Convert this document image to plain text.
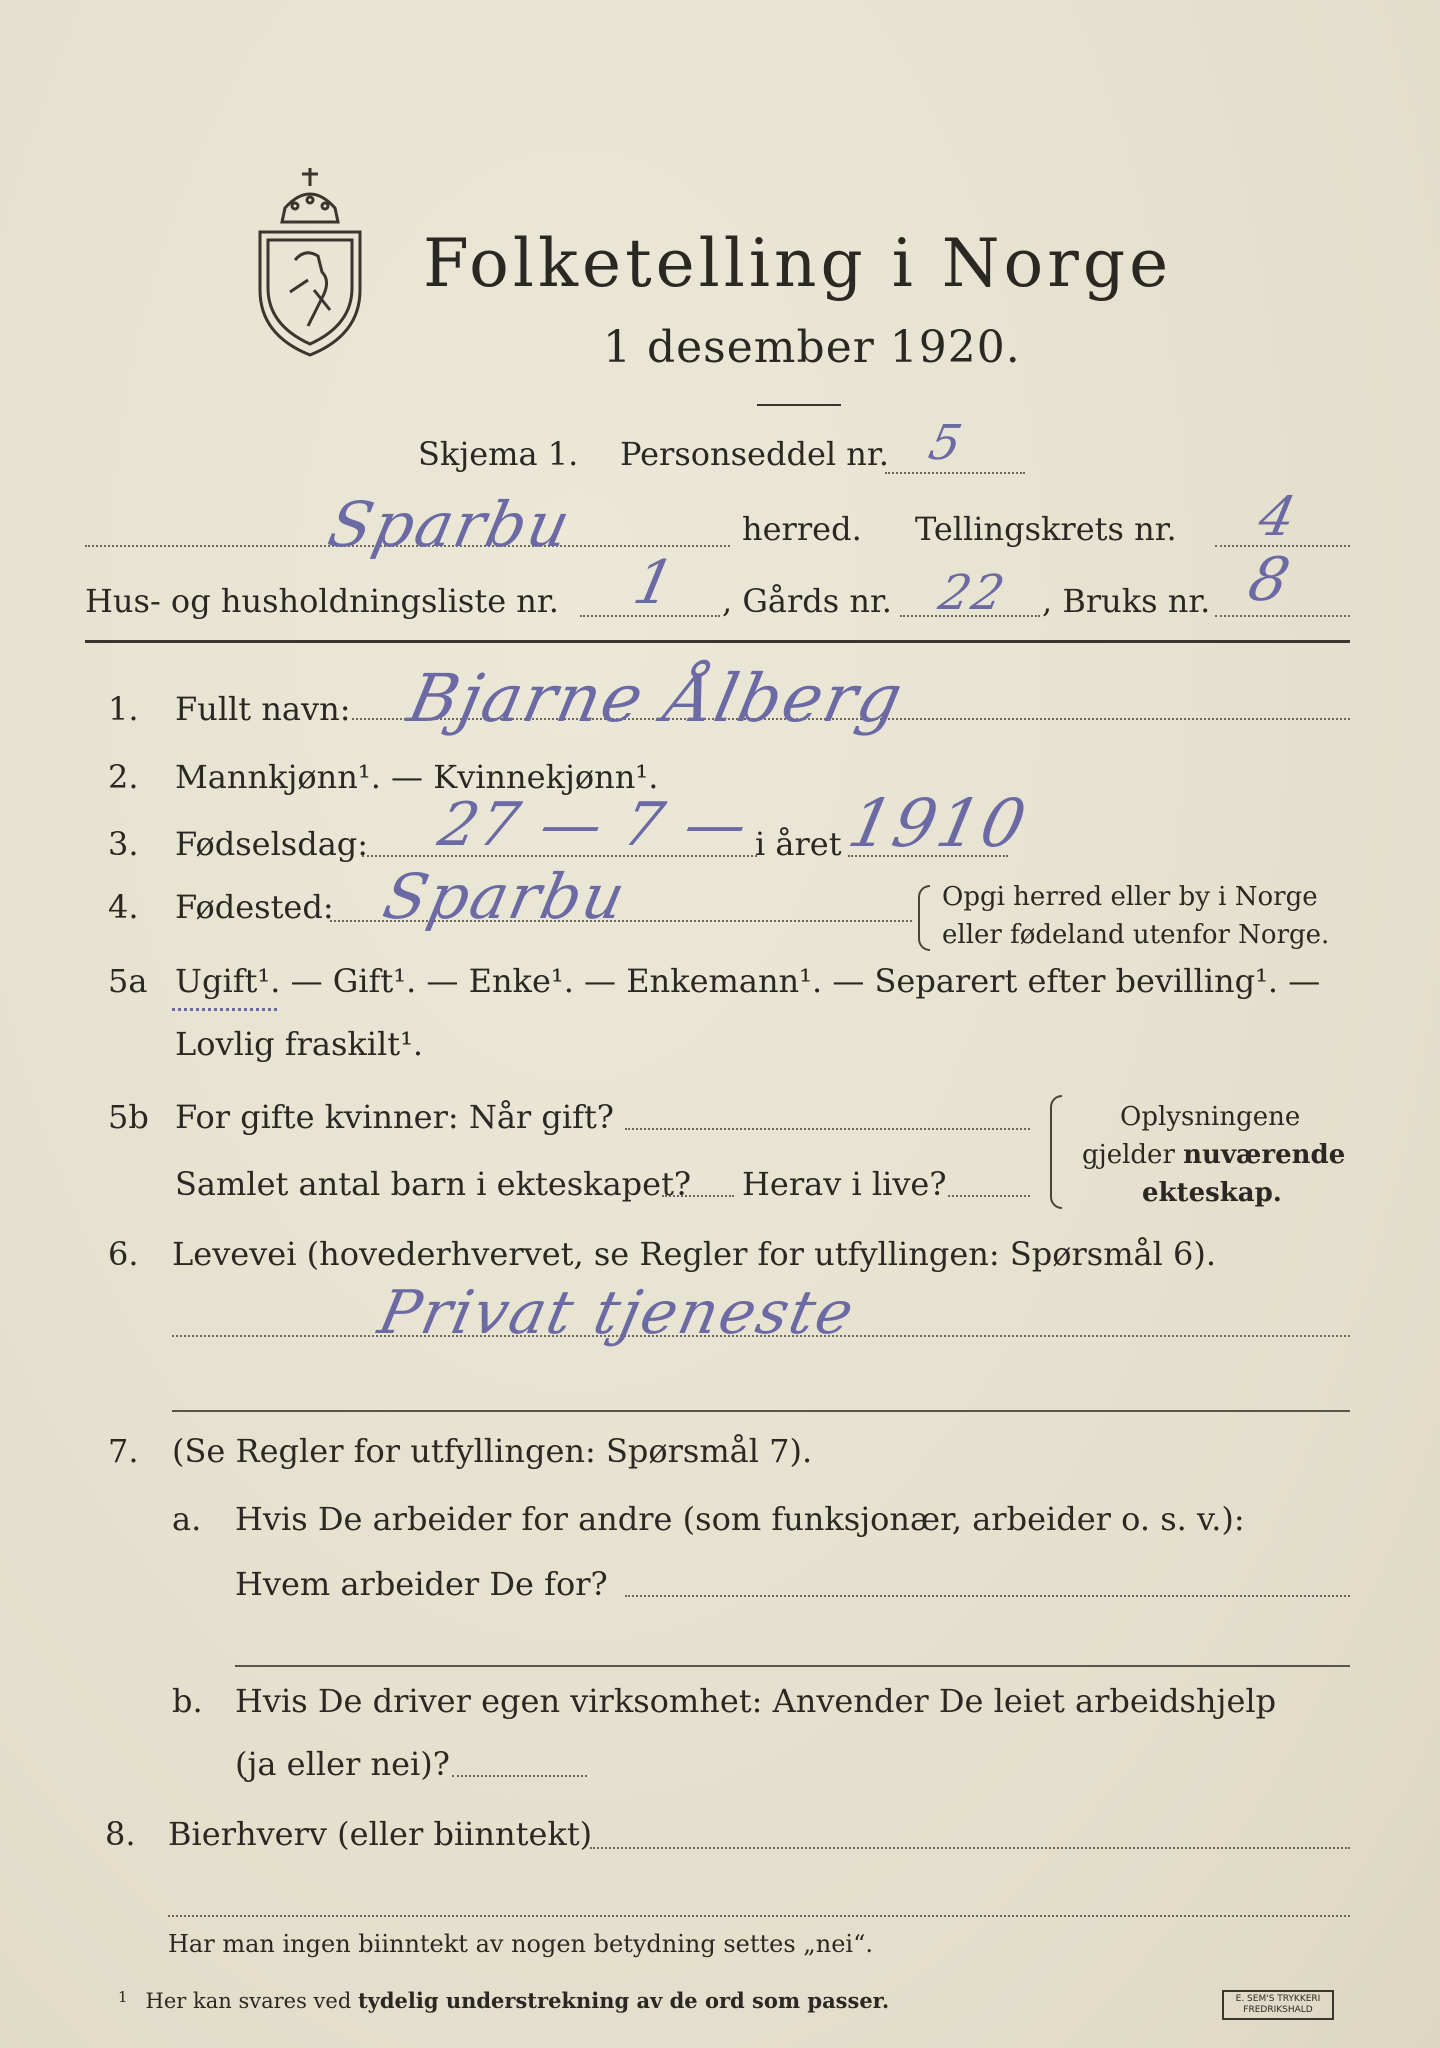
Folketelling i Norge
1 desember 1920.
Skjema 1. Personseddel nr. 5
Sparbu	herred. Tellingskrets nr. 4
Hus- og husholdningsliste nr. 1 , Gårds nr. 22 , Bruks nr. 8
1. Fullt navn: Bjarne Ålberg
2. Mannkjønn¹. — Kvinnekjønn¹.
3. Fødselsdag: 27 — 7 — i året 1910
4. Fødested: Sparbu	Opgi herred eller by i Norge
eller fødeland utenfor Norge.
5a Ugift¹. — Gift¹. — Enke¹. — Enkemann¹. — Separert efter bevilling¹. —
Lovlig fraskilt¹.
5b For gifte kvinner: Når gift?
Samlet antal barn i ekteskapet? Herav i live?
Oplysningene
gjelder nuværende
ekteskap.
6. Levevei (hovederhvervet, se Regler for utfyllingen: Spørsmål 6).
Privat tjeneste
7. (Se Regler for utfyllingen: Spørsmål 7).
a. Hvis De arbeider for andre (som funksjonær, arbeider o. s. v.):
Hvem arbeider De for?
b. Hvis De driver egen virksomhet: Anvender De leiet arbeidshjelp
(ja eller nei)?
8. Bierhverv (eller biinntekt)
Har man ingen biinntekt av nogen betydning settes „nei“.
$^1$ Her kan svares ved tydelig understrekning av de ord som passer.	E. SEM'S TRYKKERI
FREDRIKSHALD
